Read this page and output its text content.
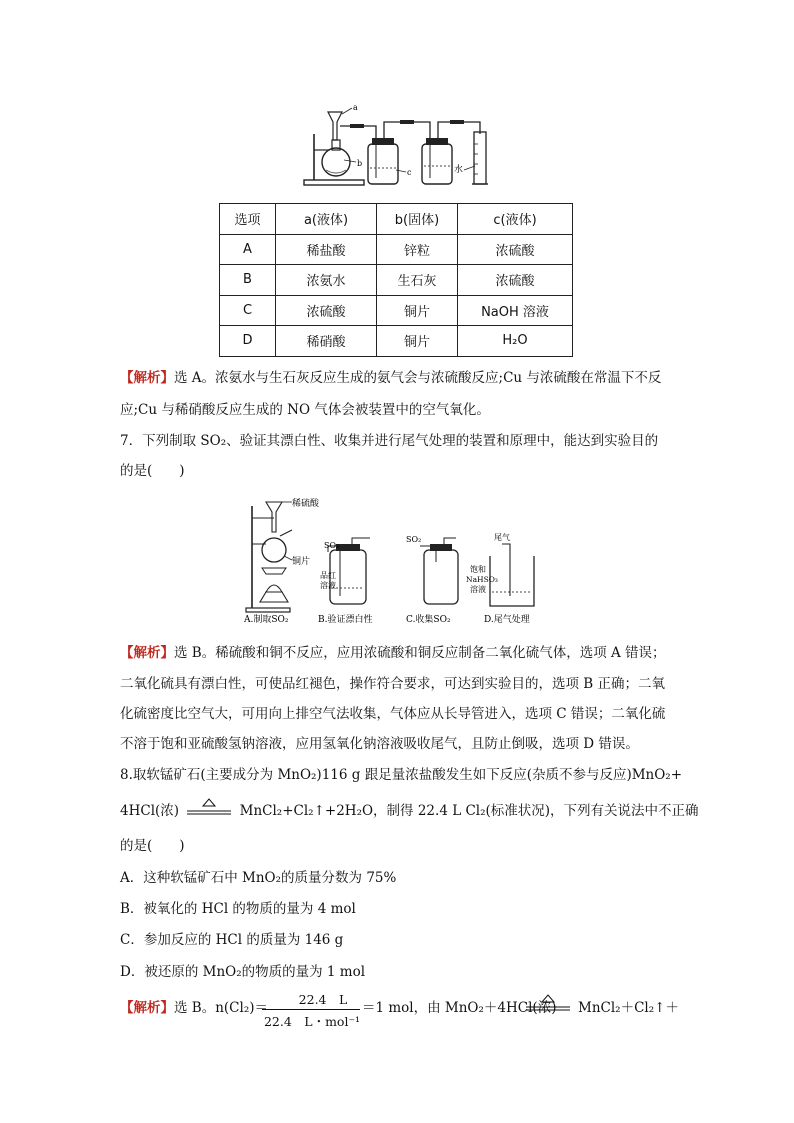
a
b
c	水
选项	a(液体)	b(固体)	c(液体)
A	稀盐酸	锌粒	浓硫酸
B	浓氨水	生石灰	浓硫酸
C	浓硫酸	铜片	NaOH 溶液
D	稀硝酸	铜片	H₂O
【解析】选 A。浓氨水与生石灰反应生成的氨气会与浓硫酸反应;Cu 与浓硫酸在常温下不反
应;Cu 与稀硝酸反应生成的 NO 气体会被装置中的空气氧化。
7．下列制取 SO₂、验证其漂白性、收集并进行尾气处理的装置和原理中，能达到实验目的
的是(　　)
稀硫酸
铜片
SO₂
品红
溶液
SO₂	尾气
饱和
NaHSO₃
溶液
A.制取SO₂	B.验证漂白性	C.收集SO₂	D.尾气处理
【解析】选 B。稀硫酸和铜不反应，应用浓硫酸和铜反应制备二氧化硫气体，选项 A 错误；
二氧化硫具有漂白性，可使品红褪色，操作符合要求，可达到实验目的，选项 B 正确；二氧
化硫密度比空气大，可用向上排空气法收集，气体应从长导管进入，选项 C 错误；二氧化硫
不溶于饱和亚硫酸氢钠溶液，应用氢氧化钠溶液吸收尾气，且防止倒吸，选项 D 错误。
8.取软锰矿石(主要成分为 MnO₂)116 g 跟足量浓盐酸发生如下反应(杂质不参与反应)MnO₂+
4HCl(浓)	MnCl₂+Cl₂↑+2H₂O，制得 22.4 L Cl₂(标准状况)，下列有关说法中不正确
的是(　　)
A．这种软锰矿石中 MnO₂的质量分数为 75%
B．被氧化的 HCl 的物质的量为 4 mol
C．参加反应的 HCl 的质量为 146 g
D．被还原的 MnO₂的物质的量为 1 mol
【解析】选 B。n(Cl₂)＝
22.4　L
22.4　L・mol⁻¹
＝1 mol，由 MnO₂＋4HCl(浓) MnCl₂＋Cl₂↑＋
